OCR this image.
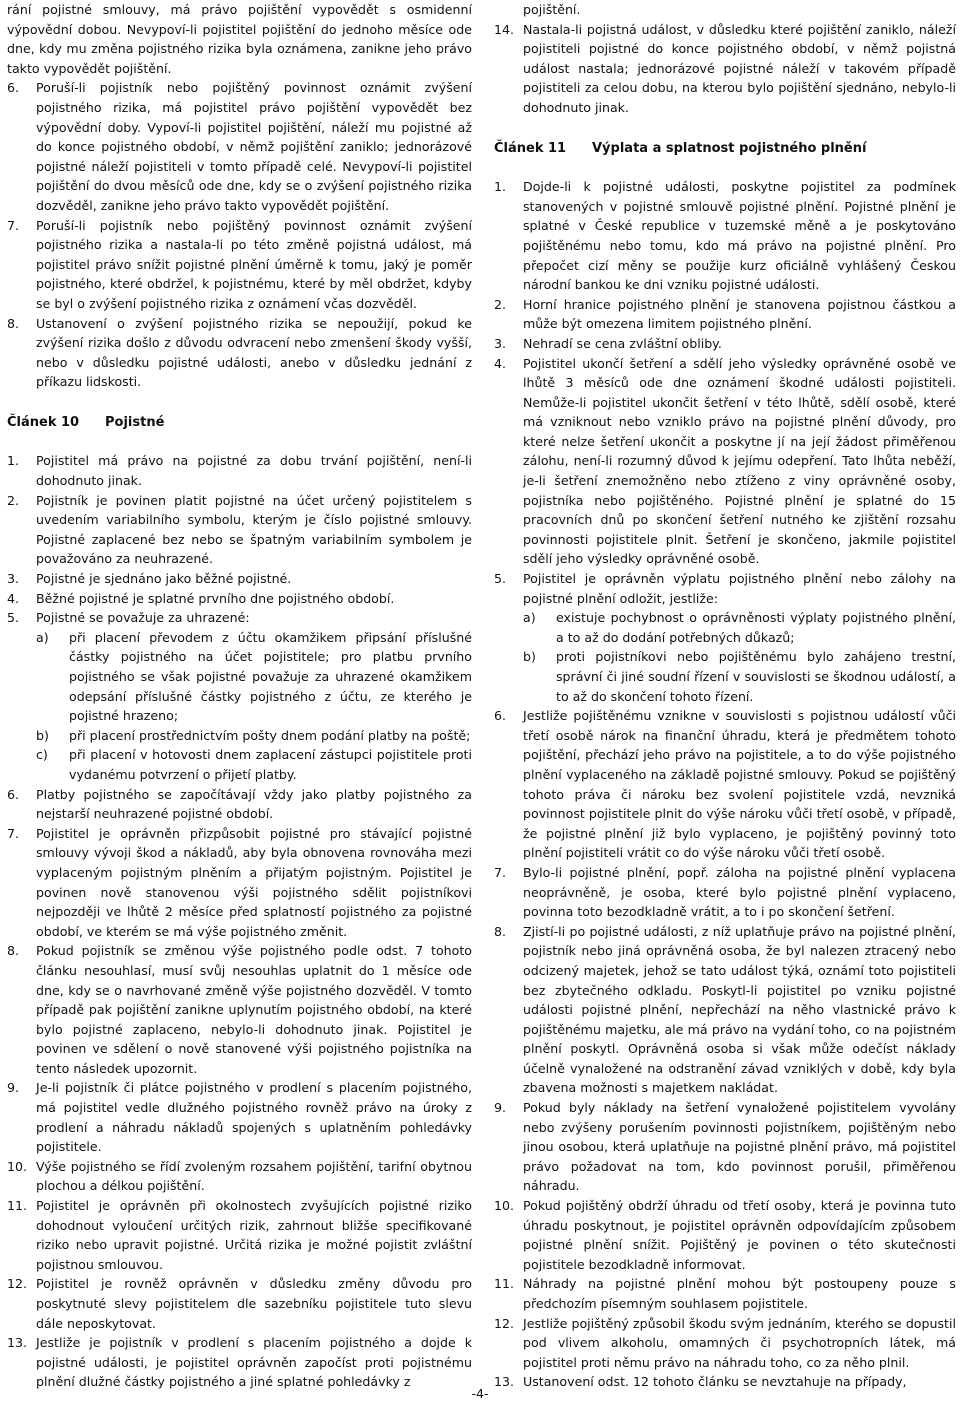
rání pojistné smlouvy, má právo pojištění vypovědět s osmidenní výpovědní dobou. Nevypoví-li pojistitel pojištění do jednoho měsíce ode dne, kdy mu změna pojistného rizika byla oznámena, zanikne jeho právo takto vypovědět pojištění.

6. Poruší-li pojistník nebo pojištěný povinnost oznámit zvýšení pojistného rizika, má pojistitel právo pojištění vypovědět bez výpovědní doby. Vypoví-li pojistitel pojištění, náleží mu pojistné až do konce pojistného období, v němž pojištění zaniklo; jednorázové pojistné náleží pojistiteli v tomto případě celé. Nevypoví-li pojistitel pojištění do dvou měsíců ode dne, kdy se o zvýšení pojistného rizika dozvěděl, zanikne jeho právo takto vypovědět pojištění.
7. Poruší-li pojistník nebo pojištěný povinnost oznámit zvýšení pojistného rizika a nastala-li po této změně pojistná událost, má pojistitel právo snížit pojistné plnění úměrně k tomu, jaký je poměr pojistného, které obdržel, k pojistnému, které by měl obdržet, kdyby se byl o zvýšení pojistného rizika z oznámení včas dozvěděl.
8. Ustanovení o zvýšení pojistného rizika se nepoužijí, pokud ke zvýšení rizika došlo z důvodu odvracení nebo zmenšení škody vyšší, nebo v důsledku pojistné události, anebo v důsledku jednání z příkazu lidskosti.
Článek 10 Pojistné
1. Pojistitel má právo na pojistné za dobu trvání pojištění, není-li dohodnuto jinak.
2. Pojistník je povinen platit pojistné na účet určený pojistitelem s uvedením variabilního symbolu, kterým je číslo pojistné smlouvy. Pojistné zaplacené bez nebo se špatným variabilním symbolem je považováno za neuhrazené.
3. Pojistné je sjednáno jako běžné pojistné.
4. Běžné pojistné je splatné prvního dne pojistného období.
5. Pojistné se považuje za uhrazené:
a) při placení převodem z účtu okamžikem připsání příslušné částky pojistného na účet pojistitele; pro platbu prvního pojistného se však pojistné považuje za uhrazené okamžikem odepsání příslušné částky pojistného z účtu, ze kterého je pojistné hrazeno;
b) při placení prostřednictvím pošty dnem podání platby na poště;
c) při placení v hotovosti dnem zaplacení zástupci pojistitele proti vydanému potvrzení o přijetí platby.
6. Platby pojistného se započítávají vždy jako platby pojistného za nejstarší neuhrazené pojistné období.
7. Pojistitel je oprávněn přizpůsobit pojistné pro stávající pojistné smlouvy vývoji škod a nákladů, aby byla obnovena rovnováha mezi vyplaceným pojistným plněním a přijatým pojistným. Pojistitel je povinen nově stanovenou výši pojistného sdělit pojistníkovi nejpozději ve lhůtě 2 měsíce před splatností pojistného za pojistné období, ve kterém se má výše pojistného změnit.
8. Pokud pojistník se změnou výše pojistného podle odst. 7 tohoto článku nesouhlasí, musí svůj nesouhlas uplatnit do 1 měsíce ode dne, kdy se o navrhované změně výše pojistného dozvěděl. V tomto případě pak pojištění zanikne uplynutím pojistného období, na které bylo pojistné zaplaceno, nebylo-li dohodnuto jinak. Pojistitel je povinen ve sdělení o nově stanovené výši pojistného pojistníka na tento následek upozornit.
9. Je-li pojistník či plátce pojistného v prodlení s placením pojistného, má pojistitel vedle dlužného pojistného rovněž právo na úroky z prodlení a náhradu nákladů spojených s uplatněním pohledávky pojistitele.
10. Výše pojistného se řídí zvoleným rozsahem pojištění, tarifní obytnou plochou a délkou pojištění.
11. Pojistitel je oprávněn při okolnostech zvyšujících pojistné riziko dohodnout vyloučení určitých rizik, zahrnout bližše specifikované riziko nebo upravit pojistné. Určitá rizika je možné pojistit zvláštní pojistnou smlouvou.
12. Pojistitel je rovněž oprávněn v důsledku změny důvodu pro poskytnuté slevy pojistitelem dle sazebníku pojistitele tuto slevu dále neposkytovat.
13. Jestliže je pojistník v prodlení s placením pojistného a dojde k pojistné události, je pojistitel oprávněn započíst proti pojistnému plnění dlužné částky pojistného a jiné splatné pohledávky z

pojištění.

14. Nastala-li pojistná událost, v důsledku které pojištění zaniklo, náleží pojistiteli pojistné do konce pojistného období, v němž pojistná událost nastala; jednorázové pojistné náleží v takovém případě pojistiteli za celou dobu, na kterou bylo pojištění sjednáno, nebylo-li dohodnuto jinak.
Článek 11 Výplata a splatnost pojistného plnění
1. Dojde-li k pojistné události, poskytne pojistitel za podmínek stanovených v pojistné smlouvě pojistné plnění. Pojistné plnění je splatné v České republice v tuzemské měně a je poskytováno pojištěnému nebo tomu, kdo má právo na pojistné plnění. Pro přepočet cizí měny se použije kurz oficiálně vyhlášený Českou národní bankou ke dni vzniku pojistné události.
2. Horní hranice pojistného plnění je stanovena pojistnou částkou a může být omezena limitem pojistného plnění.
3. Nehradí se cena zvláštní obliby.
4. Pojistitel ukončí šetření a sdělí jeho výsledky oprávněné osobě ve lhůtě 3 měsíců ode dne oznámení škodné události pojistiteli. Nemůže-li pojistitel ukončit šetření v této lhůtě, sdělí osobě, které má vzniknout nebo vzniklo právo na pojistné plnění důvody, pro které nelze šetření ukončit a poskytne jí na její žádost přiměřenou zálohu, není-li rozumný důvod k jejímu odepření. Tato lhůta neběží, je-li šetření znemožněno nebo ztíženo z viny oprávněné osoby, pojistníka nebo pojištěného. Pojistné plnění je splatné do 15 pracovních dnů po skončení šetření nutného ke zjištění rozsahu povinnosti pojistitele plnit. Šetření je skončeno, jakmile pojistitel sdělí jeho výsledky oprávněné osobě.
5. Pojistitel je oprávněn výplatu pojistného plnění nebo zálohy na pojistné plnění odložit, jestliže:
a) existuje pochybnost o oprávněnosti výplaty pojistného plnění, a to až do dodání potřebných důkazů;
b) proti pojistníkovi nebo pojištěnému bylo zahájeno trestní, správní či jiné soudní řízení v souvislosti se škodnou událostí, a to až do skončení tohoto řízení.
6. Jestliže pojištěnému vznikne v souvislosti s pojistnou událostí vůči třetí osobě nárok na finanční úhradu, která je předmětem tohoto pojištění, přechází jeho právo na pojistitele, a to do výše pojistného plnění vyplaceného na základě pojistné smlouvy. Pokud se pojištěný tohoto práva či nároku bez svolení pojistitele vzdá, nevzniká povinnost pojistitele plnit do výše nároku vůči třetí osobě, v případě, že pojistné plnění již bylo vyplaceno, je pojištěný povinný toto plnění pojistiteli vrátit co do výše nároku vůči třetí osobě.
7. Bylo-li pojistné plnění, popř. záloha na pojistné plnění vyplacena neoprávněně, je osoba, které bylo pojistné plnění vyplaceno, povinna toto bezodkladně vrátit, a to i po skončení šetření.
8. Zjistí-li po pojistné události, z níž uplatňuje právo na pojistné plnění, pojistník nebo jiná oprávněná osoba, že byl nalezen ztracený nebo odcizený majetek, jehož se tato událost týká, oznámí toto pojistiteli bez zbytečného odkladu. Poskytl-li pojistitel po vzniku pojistné události pojistné plnění, nepřechází na něho vlastnické právo k pojištěnému majetku, ale má právo na vydání toho, co na pojistném plnění poskytl. Oprávněná osoba si však může odečíst náklady účelně vynaložené na odstranění závad vzniklých v době, kdy byla zbavena možnosti s majetkem nakládat.
9. Pokud byly náklady na šetření vynaložené pojistitelem vyvolány nebo zvýšeny porušením povinnosti pojistníkem, pojištěným nebo jinou osobou, která uplatňuje na pojistné plnění právo, má pojistitel právo požadovat na tom, kdo povinnost porušil, přiměřenou náhradu.
10. Pokud pojištěný obdrží úhradu od třetí osoby, která je povinna tuto úhradu poskytnout, je pojistitel oprávněn odpovídajícím způsobem pojistné plnění snížit. Pojištěný je povinen o této skutečnosti pojistitele bezodkladně informovat.
11. Náhrady na pojistné plnění mohou být postoupeny pouze s předchozím písemným souhlasem pojistitele.
12. Jestliže pojištěný způsobil škodu svým jednáním, kterého se dopustil pod vlivem alkoholu, omamných či psychotropních látek, má pojistitel proti němu právo na náhradu toho, co za něho plnil.
13. Ustanovení odst. 12 tohoto článku se nevztahuje na případy,
-4-
